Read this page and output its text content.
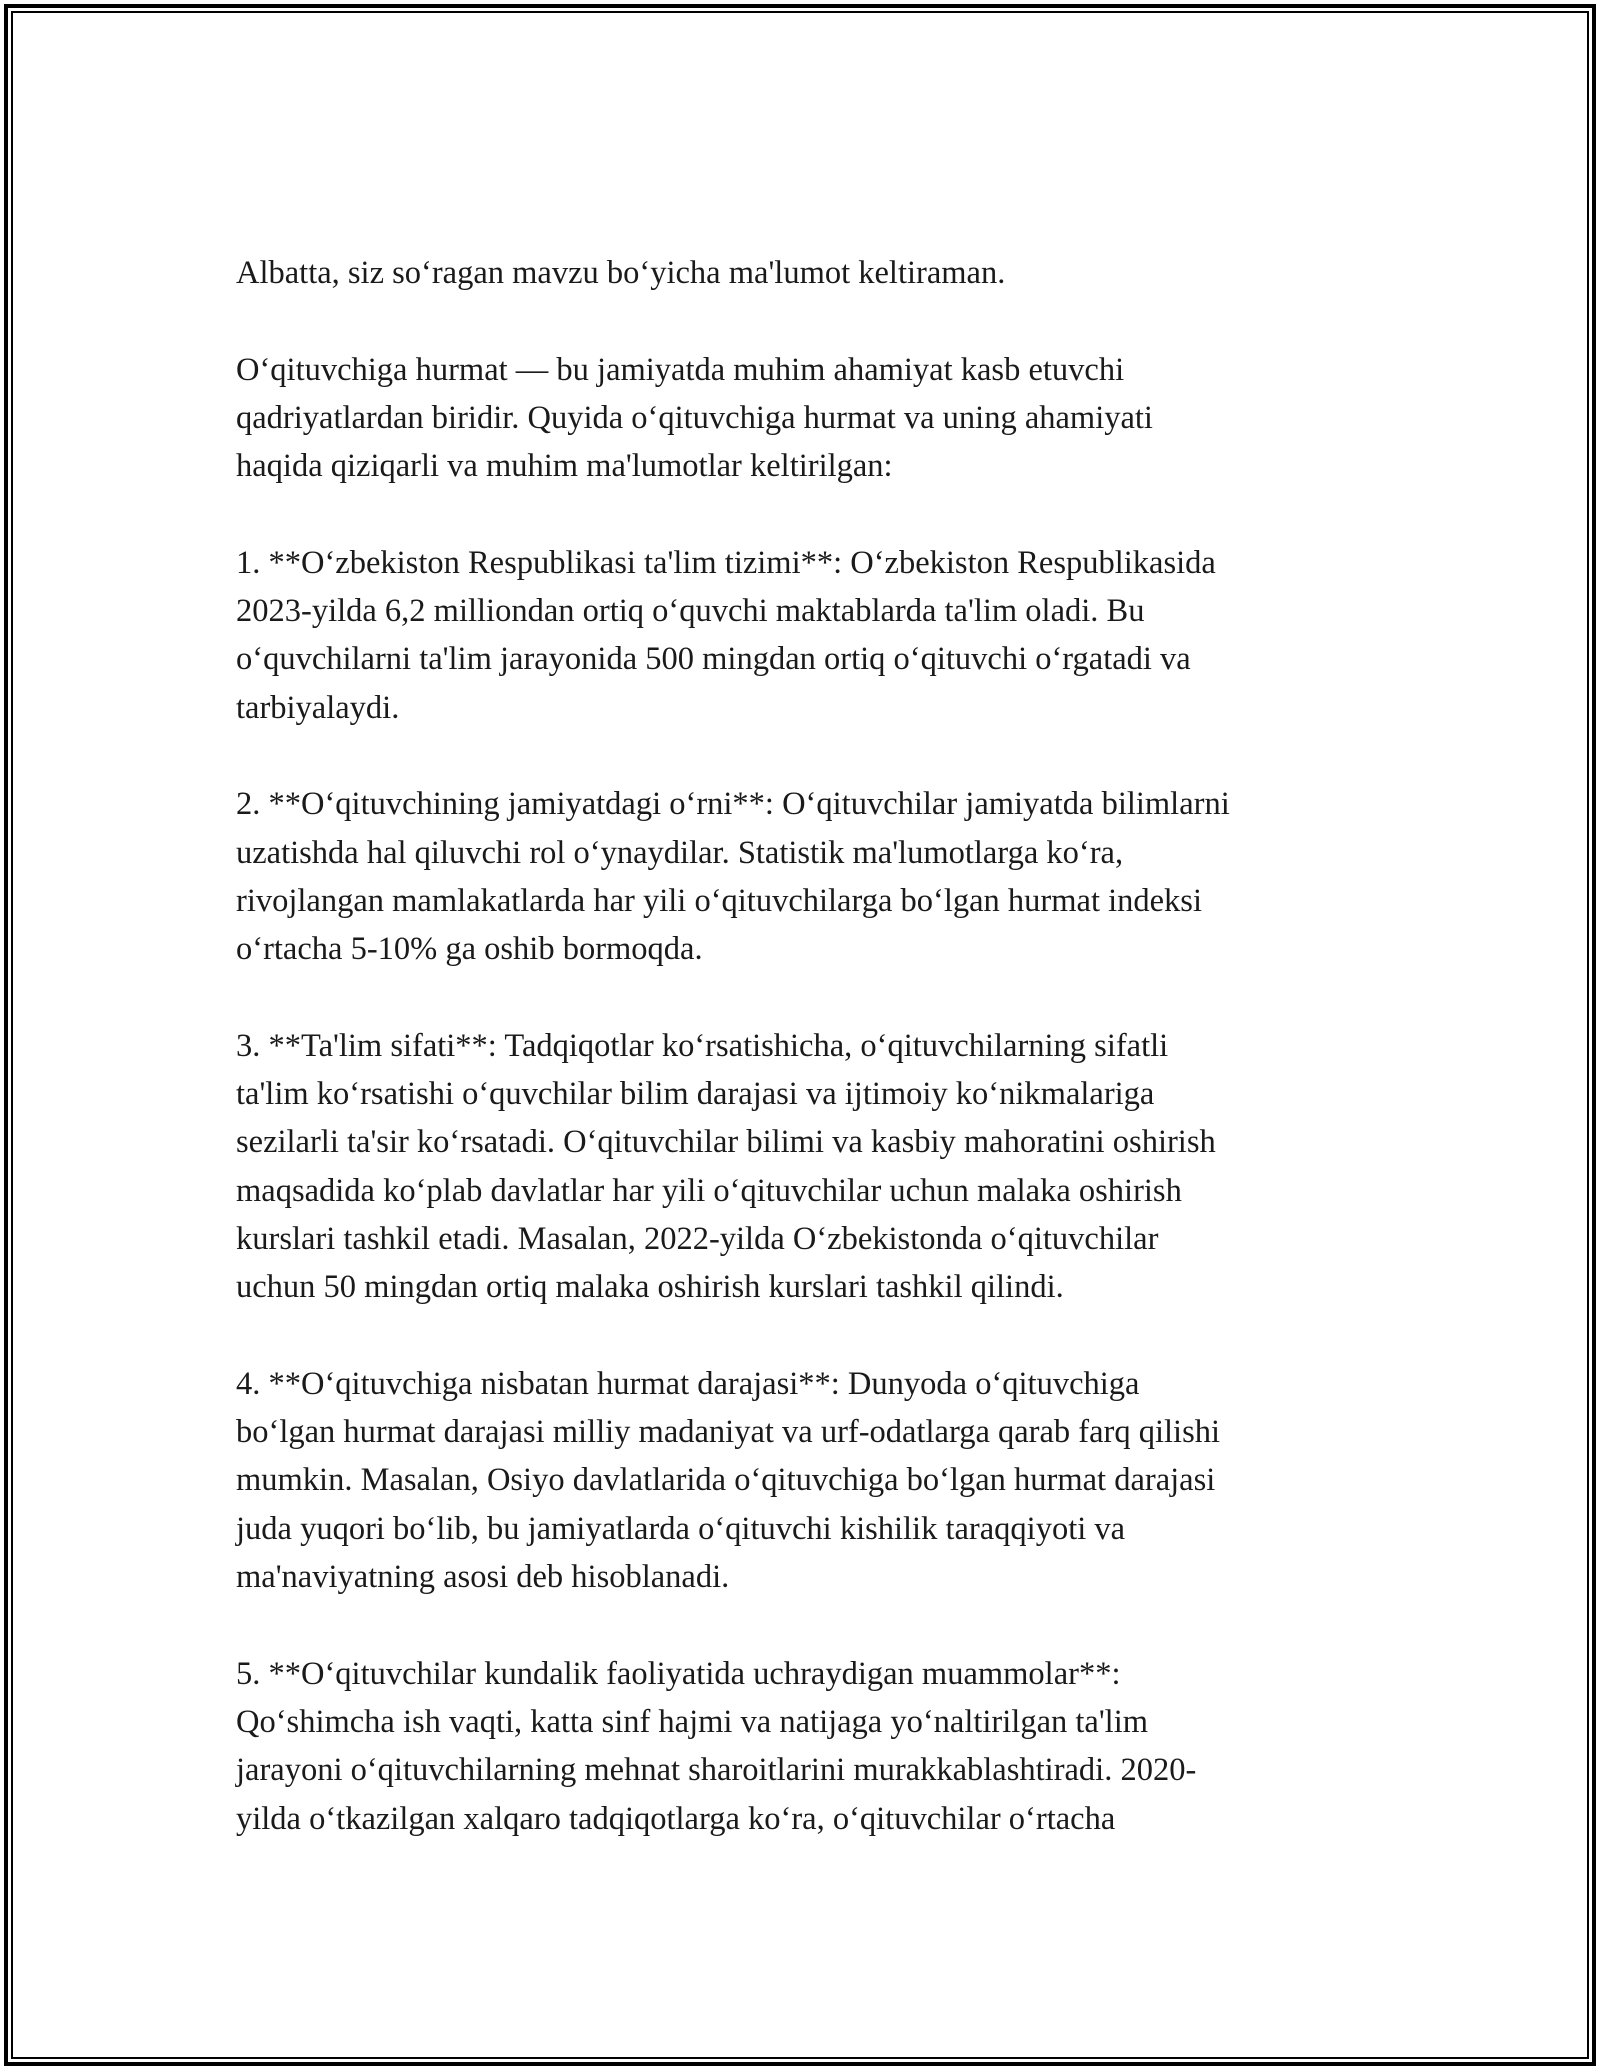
Albatta, siz soʻragan mavzu boʻyicha ma'lumot keltiraman.

Oʻqituvchiga hurmat — bu jamiyatda muhim ahamiyat kasb etuvchi
qadriyatlardan biridir. Quyida oʻqituvchiga hurmat va uning ahamiyati
haqida qiziqarli va muhim ma'lumotlar keltirilgan:

1. **Oʻzbekiston Respublikasi ta'lim tizimi**: Oʻzbekiston Respublikasida
2023-yilda 6,2 milliondan ortiq oʻquvchi maktablarda ta'lim oladi. Bu
oʻquvchilarni ta'lim jarayonida 500 mingdan ortiq oʻqituvchi oʻrgatadi va
tarbiyalaydi.

2. **Oʻqituvchining jamiyatdagi oʻrni**: Oʻqituvchilar jamiyatda bilimlarni
uzatishda hal qiluvchi rol oʻynaydilar. Statistik ma'lumotlarga koʻra,
rivojlangan mamlakatlarda har yili oʻqituvchilarga boʻlgan hurmat indeksi
oʻrtacha 5-10% ga oshib bormoqda.

3. **Ta'lim sifati**: Tadqiqotlar koʻrsatishicha, oʻqituvchilarning sifatli
ta'lim koʻrsatishi oʻquvchilar bilim darajasi va ijtimoiy koʻnikmalariga
sezilarli ta'sir koʻrsatadi. Oʻqituvchilar bilimi va kasbiy mahoratini oshirish
maqsadida koʻplab davlatlar har yili oʻqituvchilar uchun malaka oshirish
kurslari tashkil etadi. Masalan, 2022-yilda Oʻzbekistonda oʻqituvchilar
uchun 50 mingdan ortiq malaka oshirish kurslari tashkil qilindi.

4. **Oʻqituvchiga nisbatan hurmat darajasi**: Dunyoda oʻqituvchiga
boʻlgan hurmat darajasi milliy madaniyat va urf-odatlarga qarab farq qilishi
mumkin. Masalan, Osiyo davlatlarida oʻqituvchiga boʻlgan hurmat darajasi
juda yuqori boʻlib, bu jamiyatlarda oʻqituvchi kishilik taraqqiyoti va
ma'naviyatning asosi deb hisoblanadi.

5. **Oʻqituvchilar kundalik faoliyatida uchraydigan muammolar**:
Qoʻshimcha ish vaqti, katta sinf hajmi va natijaga yoʻnaltirilgan ta'lim
jarayoni oʻqituvchilarning mehnat sharoitlarini murakkablashtiradi. 2020-
yilda oʻtkazilgan xalqaro tadqiqotlarga koʻra, oʻqituvchilar oʻrtacha
